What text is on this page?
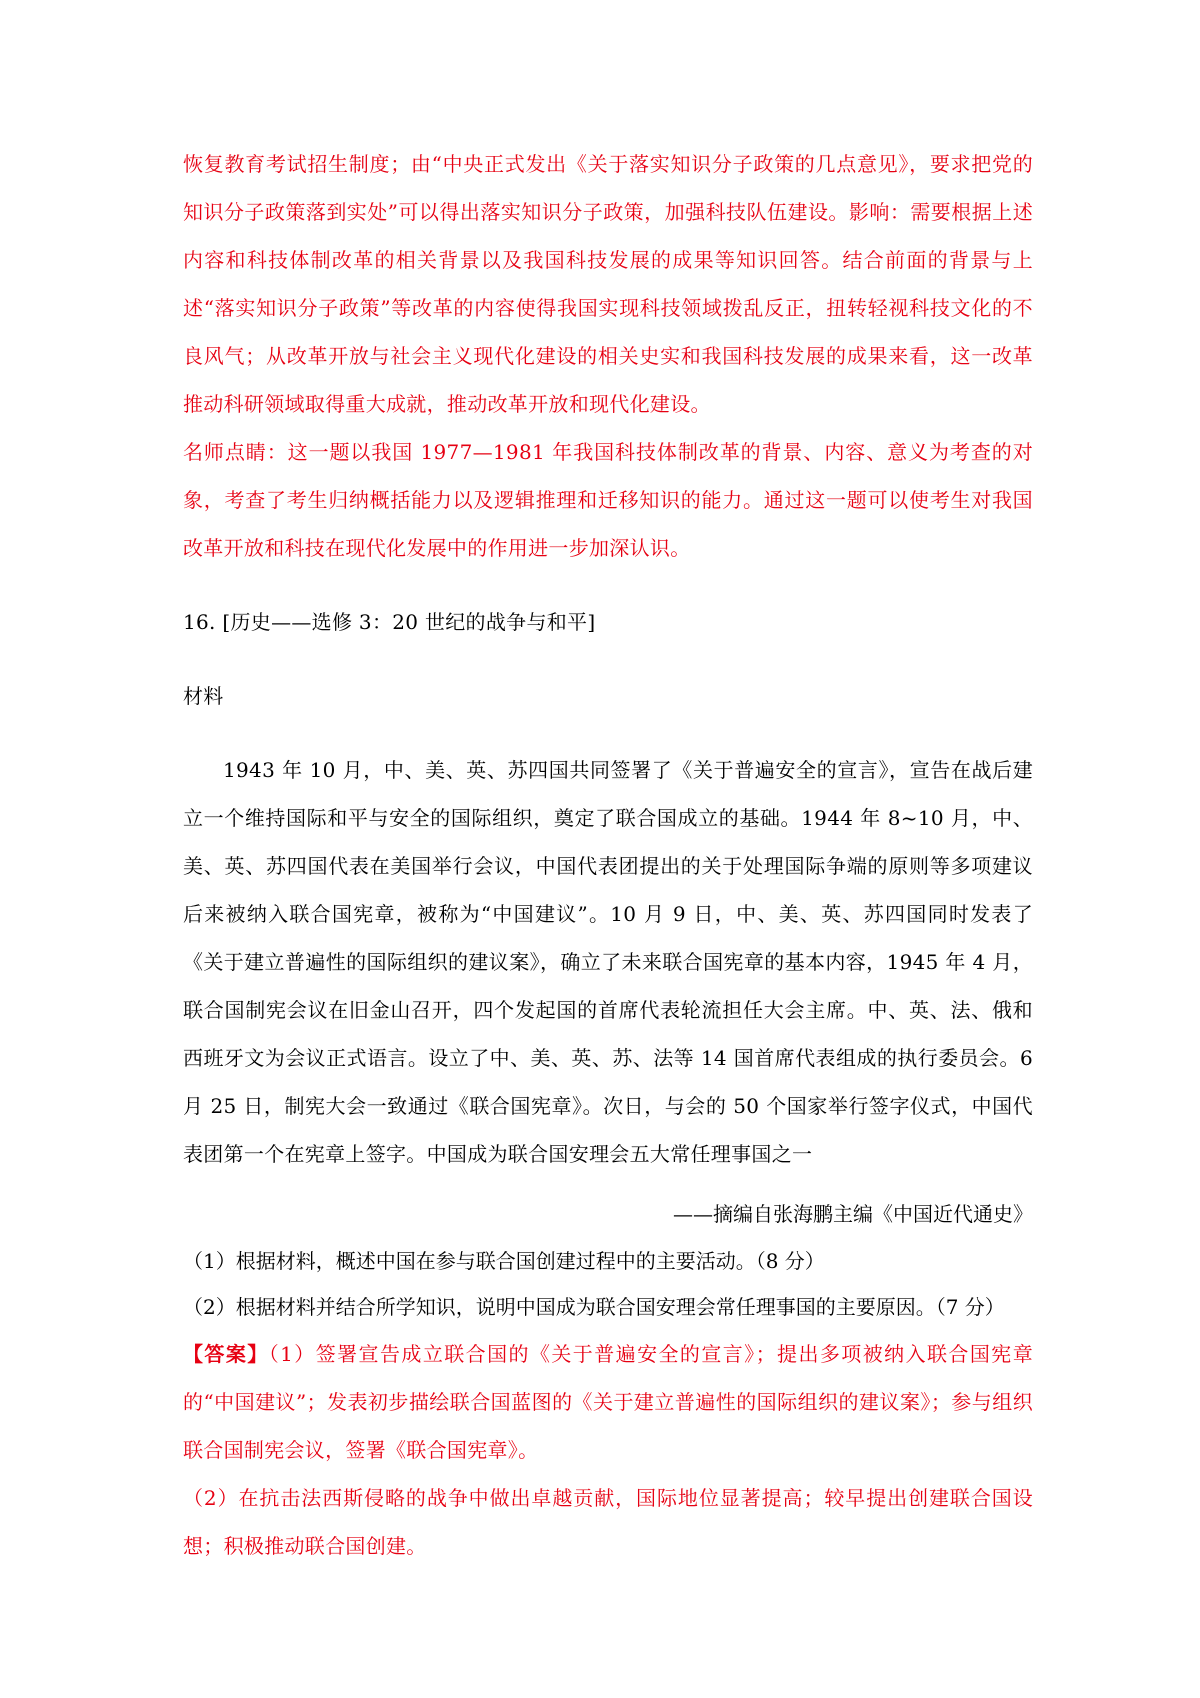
恢复教育考试招生制度；由“中央正式发出《关于落实知识分子政策的几点意见》，要求把党的知识分子政策落到实处”可以得出落实知识分子政策，加强科技队伍建设。影响：需要根据上述内容和科技体制改革的相关背景以及我国科技发展的成果等知识回答。结合前面的背景与上述“落实知识分子政策”等改革的内容使得我国实现科技领域拨乱反正，扭转轻视科技文化的不良风气；从改革开放与社会主义现代化建设的相关史实和我国科技发展的成果来看，这一改革推动科研领域取得重大成就，推动改革开放和现代化建设。

名师点睛：这一题以我国 1977—1981 年我国科技体制改革的背景、内容、意义为考查的对象，考查了考生归纳概括能力以及逻辑推理和迁移知识的能力。通过这一题可以使考生对我国改革开放和科技在现代化发展中的作用进一步加深认识。

16. [历史——选修 3：20 世纪的战争与和平]

材料

1943 年 10 月，中、美、英、苏四国共同签署了《关于普遍安全的宣言》，宣告在战后建立一个维持国际和平与安全的国际组织，奠定了联合国成立的基础。1944 年 8~10 月，中、美、英、苏四国代表在美国举行会议，中国代表团提出的关于处理国际争端的原则等多项建议后来被纳入联合国宪章，被称为“中国建议”。10 月 9 日，中、美、英、苏四国同时发表了《关于建立普遍性的国际组织的建议案》，确立了未来联合国宪章的基本内容，1945 年 4 月，联合国制宪会议在旧金山召开，四个发起国的首席代表轮流担任大会主席。中、英、法、俄和西班牙文为会议正式语言。设立了中、美、英、苏、法等 14 国首席代表组成的执行委员会。6 月 25 日，制宪大会一致通过《联合国宪章》。次日，与会的 50 个国家举行签字仪式，中国代表团第一个在宪章上签字。中国成为联合国安理会五大常任理事国之一

——摘编自张海鹏主编《中国近代通史》

（1）根据材料，概述中国在参与联合国创建过程中的主要活动。（8 分）

（2）根据材料并结合所学知识，说明中国成为联合国安理会常任理事国的主要原因。（7 分）

【答案】（1）签署宣告成立联合国的《关于普遍安全的宣言》；提出多项被纳入联合国宪章的“中国建议”；发表初步描绘联合国蓝图的《关于建立普遍性的国际组织的建议案》；参与组织联合国制宪会议，签署《联合国宪章》。

（2）在抗击法西斯侵略的战争中做出卓越贡献，国际地位显著提高；较早提出创建联合国设想；积极推动联合国创建。
